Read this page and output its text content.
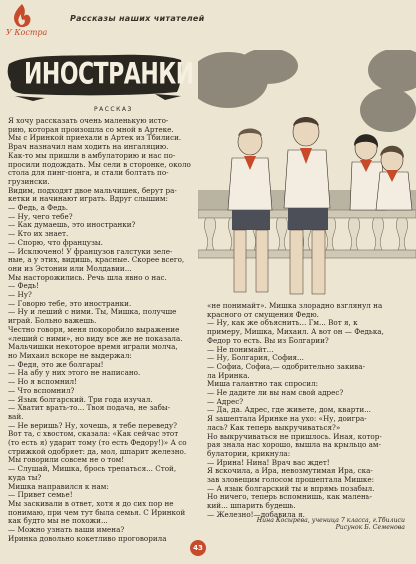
У Костра
Рассказы наших читателей
ИНОСТРАНКИ
РАССКАЗ

Я хочу рассказать очень маленькую исто-

рию, которая произошла со мной в Артеке.

Мы с Иринкой приехали в Артек из Тбилиси.

Врач назначил нам ходить на ингаляцию.

Как-то мы пришли в амбулаторию и нас по-

просили подождать. Мы сели в сторонке, около

стола для пинг-понга, и стали болтать по-

грузински.

Видим, подходят двое мальчишек, берут ра-

кетки и начинают играть. Вдруг слышим:

— Федь, а Федь.

— Ну, чего тебе?

— Как думаешь, это иностранки?

— Кто их знает.

— Спорю, что французы.

— Исключено! У французов галстуки зеле-

ные, а у этих, видишь, красные. Скорее всего,

они из Эстонии или Молдавии...

Мы насторожились. Речь шла явно о нас.

— Федь!

— Ну?

— Говорю тебе, это иностранки.

— Ну и леший с ними. Ты, Мишка, получше

играй. Больно важешь.

Честно говоря, меня покоробило выражение

«леший с ними», но виду все же не показала.

Мальчишки некоторое время играли молча,

но Михаил вскоре не выдержал:

— Федя, это же болгары!

— На абу у них этого не написано.

— Но я вспомнил!

— Что вспомнил?

— Язык болгарский. Три года изучал.

— Хватит врать-то... Твоя подача, не забы-

вай.

— Не веришь? Ну, хочешь, я тебе переведу?

Вот та, с хвостом, сказала: «Как сейчас этот

(то есть я) ударит тому (то есть Федору!)» А со

стрижкой одобряет: да, мол, шпарит железно.

Мы говорили совсем не о том!

— Слушай, Мишка, брось трепаться... Стой,

куда ты?

Мишка направился к нам:

— Привет семье!

Мы заскивали в ответ, хотя я до сих пор не

понимаю, при чем тут была семья. С Иринкой

как будто мы не похожи...

— Можно узнать ваши имена?

Иринка довольно кокетливо проговорила

«не понимайт». Мишка злорадно взглянул на

красного от смущения Федю.

— Ну, как же объяснить... Гм... Вот я, к

примеру, Мишка, Михаил. А вот он — Федька,

Федор то есть. Вы из Болгарии?

— Не понимайт...

— Ну, Болгария, София...

— Софиа, Софиа,— одобрительно закива-

ла Иринка.

Миша галантно так спросил:

— Не дадите ли вы нам свой адрес?

— Адрес?

— Да, да. Адрес, где живете, дом, кварти...

Я зашептала Иринке на ухо: «Ну, доигра-

лась? Как теперь выкручиваться?»

Но выкручиваться не пришлось. Иная, котор-

рая знала нас хорошо, вышла на крыльцо ам-

булатории, крикнула:

— Ирина! Нина! Врач вас ждет!

Я вскочила, а Ира, невозмутимая Ира, ска-

зав зловещим голосом прошептала Мишке:

— А язык болгарский ты и впрямь позабыл.

Но ничего, теперь вспомнишь, как малень-

кий... шпарить будешь.

— Железно!—добавила я.

Нина Косырева, ученица 7 класса, г.Тбилиси
Рисунок Б. Семенова
43
